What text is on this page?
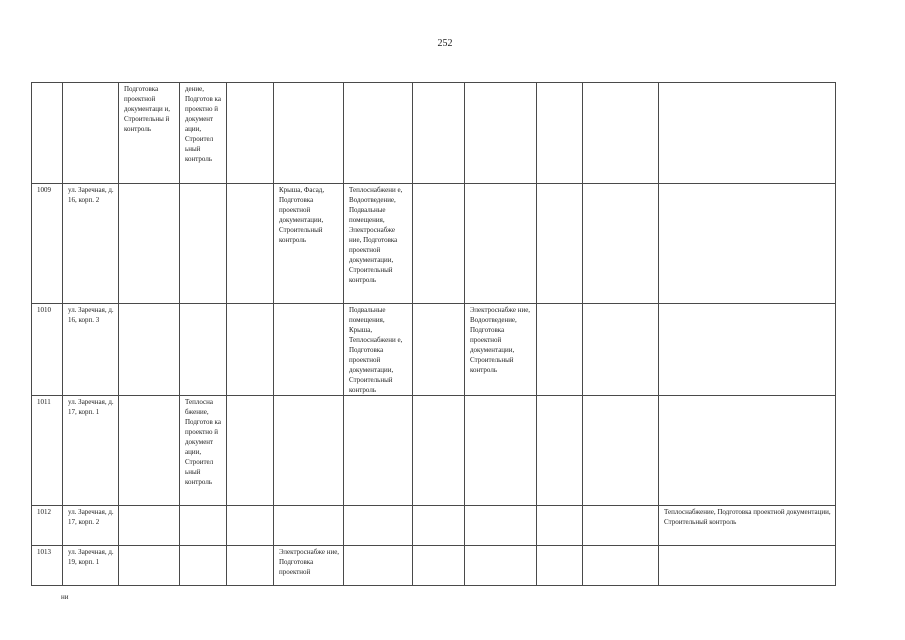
252
		Подготовка проектной документаци и, Строительны й контроль	дение, Подготов ка проектно й документ ации, Строител ьный контроль								
1009	ул. Заречная, д. 16, корп. 2				Крыша, Фасад, Подготовка проектной документации, Строительный контроль	Теплоснабжени е, Водоотведение, Подвальные помещения, Электроснабже ние, Подготовка проектной документации, Строительный контроль					
1010	ул. Заречная, д. 16, корп. 3					Подвальные помещения, Крыша, Теплоснабжени е, Подготовка проектной документации, Строительный контроль		Электроснабже ние, Водоотведение, Подготовка проектной документации, Строительный контроль			
1011	ул. Заречная, д. 17, корп. 1		Теплосна бжение, Подготов ка проектно й документ ации, Строител ьный контроль								
1012	ул. Заречная, д. 17, корп. 2										Теплоснабжение, Подготовка проектной документации, Строительный контроль
1013	ул. Заречная, д. 19, корп. 1				Электроснабже ние, Подготовка проектной						
ни
